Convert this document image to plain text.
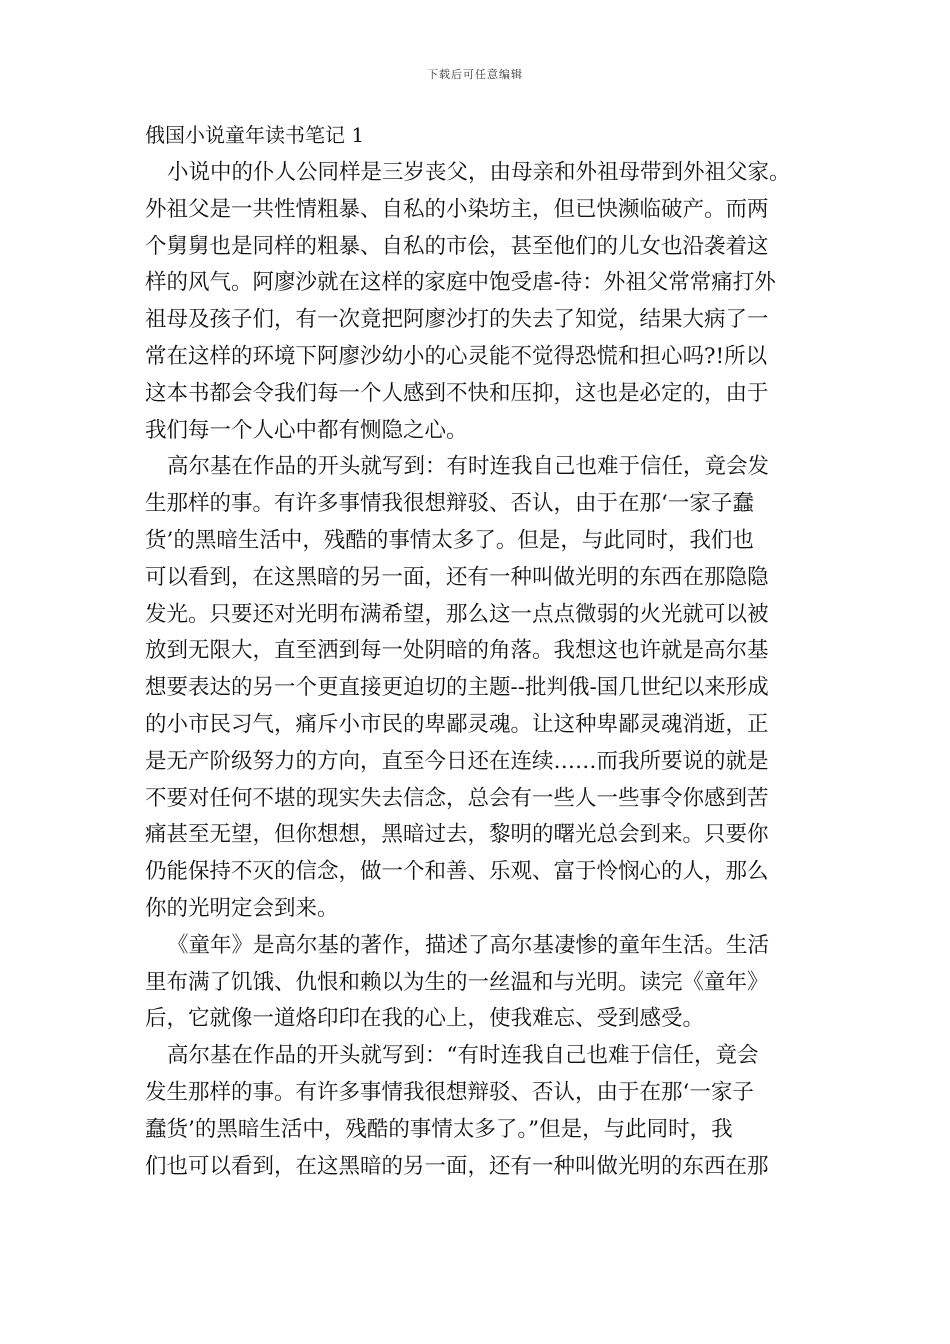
下载后可任意编辑
俄国小说童年读书笔记 1
小说中的仆人公同样是三岁丧父，由母亲和外祖母带到外祖父家。
外祖父是一共性情粗暴、自私的小染坊主，但已快濒临破产。而两
个舅舅也是同样的粗暴、自私的市侩，甚至他们的儿女也沿袭着这
样的风气。阿廖沙就在这样的家庭中饱受虐-待：外祖父常常痛打外
祖母及孩子们，有一次竟把阿廖沙打的失去了知觉，结果大病了一
常在这样的环境下阿廖沙幼小的心灵能不觉得恐慌和担心吗?!所以
这本书都会令我们每一个人感到不快和压抑，这也是必定的，由于
我们每一个人心中都有恻隐之心。
高尔基在作品的开头就写到：有时连我自己也难于信任，竟会发
生那样的事。有许多事情我很想辩驳、否认，由于在那‘一家子蠢
货’的黑暗生活中，残酷的事情太多了。但是，与此同时，我们也
可以看到，在这黑暗的另一面，还有一种叫做光明的东西在那隐隐
发光。只要还对光明布满希望，那么这一点点微弱的火光就可以被
放到无限大，直至洒到每一处阴暗的角落。我想这也许就是高尔基
想要表达的另一个更直接更迫切的主题--批判俄-国几世纪以来形成
的小市民习气，痛斥小市民的卑鄙灵魂。让这种卑鄙灵魂消逝，正
是无产阶级努力的方向，直至今日还在连续……而我所要说的就是
不要对任何不堪的现实失去信念，总会有一些人一些事令你感到苦
痛甚至无望，但你想想，黑暗过去，黎明的曙光总会到来。只要你
仍能保持不灭的信念，做一个和善、乐观、富于怜悯心的人，那么
你的光明定会到来。
《童年》是高尔基的著作，描述了高尔基凄惨的童年生活。生活
里布满了饥饿、仇恨和赖以为生的一丝温和与光明。读完《童年》
后，它就像一道烙印印在我的心上，使我难忘、受到感受。
高尔基在作品的开头就写到：“有时连我自己也难于信任，竟会
发生那样的事。有许多事情我很想辩驳、否认，由于在那‘一家子
蠢货’的黑暗生活中，残酷的事情太多了。”但是，与此同时，我
们也可以看到，在这黑暗的另一面，还有一种叫做光明的东西在那
